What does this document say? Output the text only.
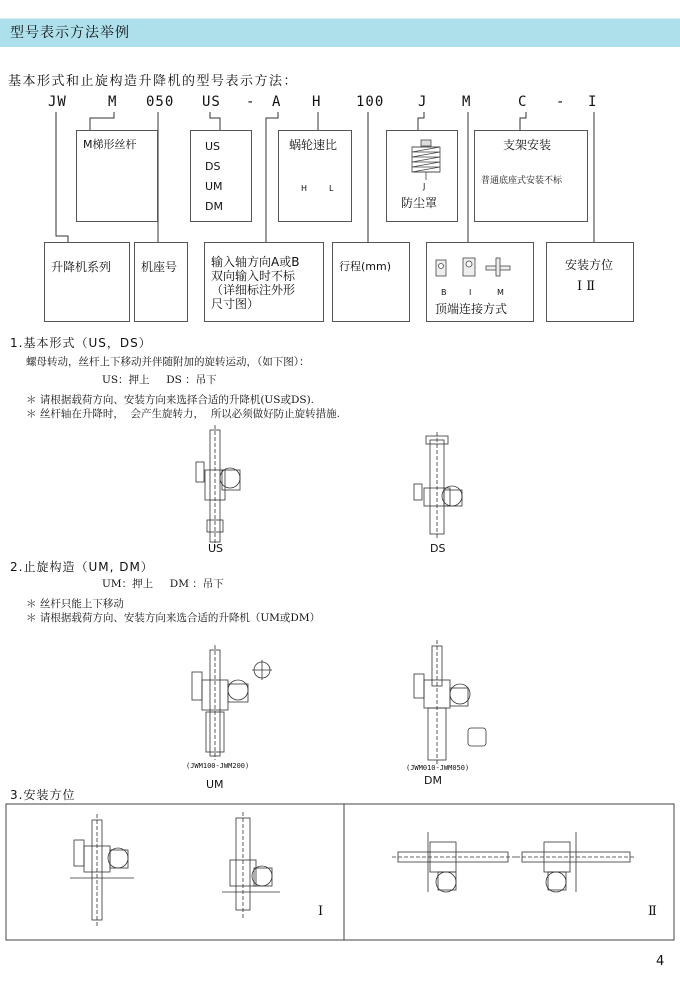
型号表示方法举例
基本形式和止旋构造升降机的型号表示方法：
JW	M 050 US - A H 100 J M	C - I
M梯形丝杆	US
DS
UM
DM
蜗轮速比
H	L	J
防尘罩
支架安装
普通底座式安装不标
升降机系列 机座号	输入轴方向A或B
双向输入时不标
（详细标注外形
尺寸图）
行程(mm)
B	I	M
顶端连接方式
安装方位
Ⅰ Ⅱ
1.基本形式（US，DS）
螺母转动，丝杆上下移动并伴随附加的旋转运动，（如下图）：
US：押上     DS ：吊下
＊ 请根据载荷方向、安装方向来选择合适的升降机(US或DS).
＊ 丝杆轴在升降时，  会产生旋转力，  所以必须做好防止旋转措施.
US	DS
2.止旋构造（UM, DM）
UM：押上     DM ：吊下
＊ 丝杆只能上下移动
＊ 请根据载荷方向、安装方向来选合适的升降机（UM或DM）
(JWM100-JWM200)
UM
(JWM010-JWM050)
DM
3.安装方位
I	Ⅱ
4
